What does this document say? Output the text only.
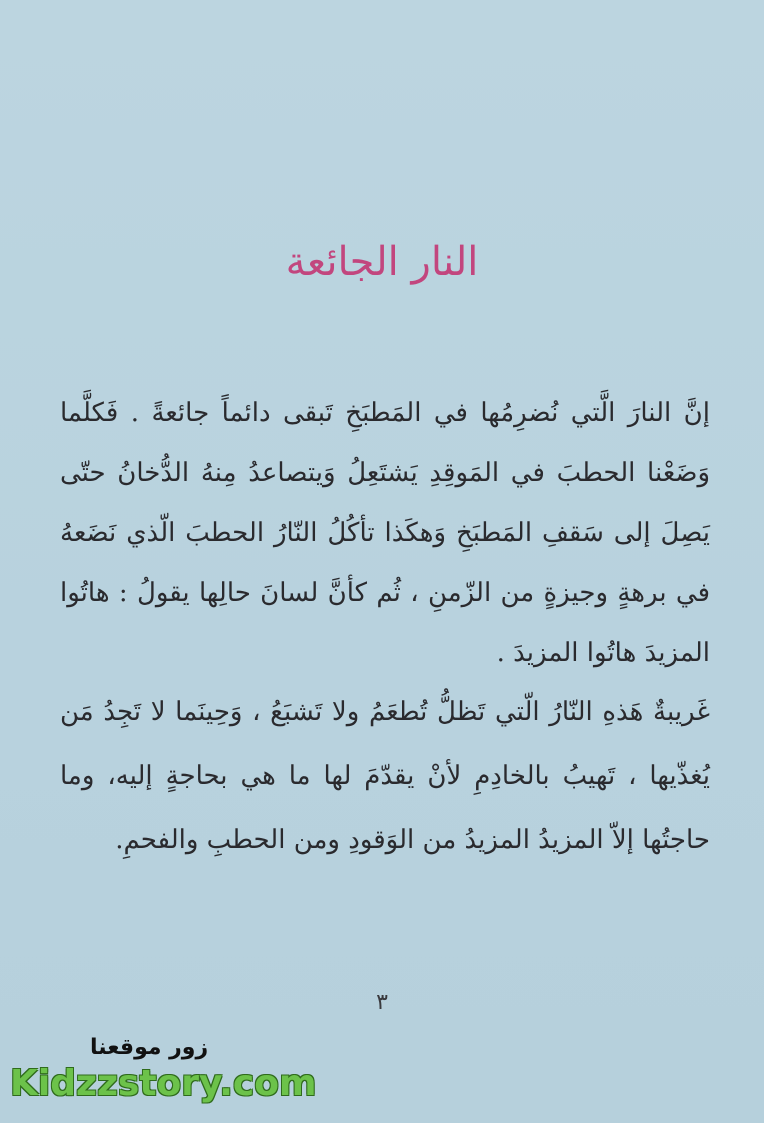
النار الجائعة

إنَّ النارَ الَّتي نُضرِمُها في المَطبَخِ تَبقى دائماً جائعةً . فَكلَّما وَضَعْنا الحطبَ في المَوقِدِ يَشتَعِلُ وَيتصاعدُ مِنهُ الدُّخانُ حتّى يَصِلَ إلى سَقفِ المَطبَخِ وَهكَذا تأكُلُ النّارُ الحطبَ الّذي نَضَعهُ في برهةٍ وجيزةٍ من الزّمنِ ، ثُم كأنَّ لسانَ حالِها يقولُ : هاتُوا المزيدَ هاتُوا المزيدَ .

غَريبةٌ هَذهِ النّارُ الّتي تَظلُّ تُطعَمُ ولا تَشبَعُ ، وَحِينَما لا تَجِدُ مَن يُغذّيها ، تَهيبُ بالخادِمِ لأنْ يقدّمَ لها ما هي بحاجةٍ إليه، وما حاجتُها إلاّ المزيدُ المزيدُ من الوَقودِ ومن الحطبِ والفحمِ.

٣
زور موقعنا
Kidzzstory.com
